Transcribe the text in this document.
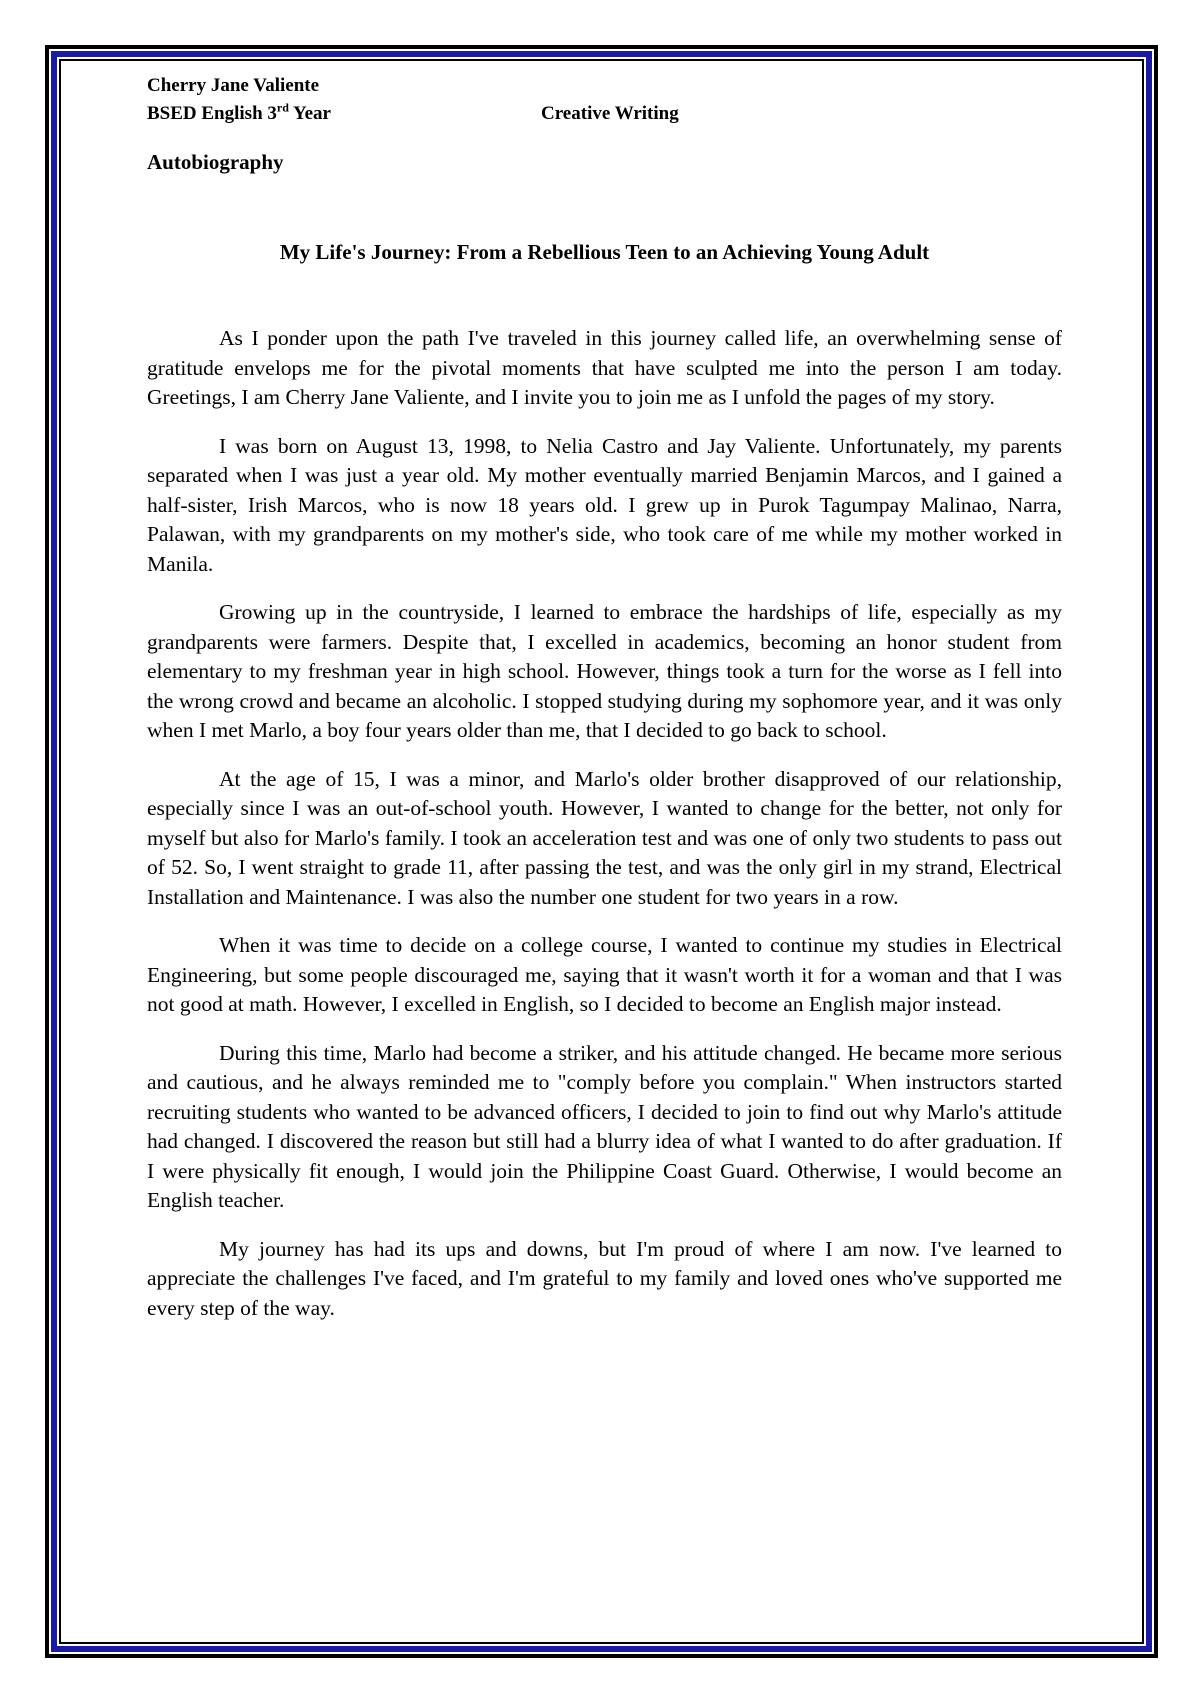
Cherry Jane Valiente
BSED English 3rd Year	Creative Writing
Autobiography
My Life's Journey: From a Rebellious Teen to an Achieving Young Adult

As I ponder upon the path I've traveled in this journey called life, an overwhelming sense of gratitude envelops me for the pivotal moments that have sculpted me into the person I am today. Greetings, I am Cherry Jane Valiente, and I invite you to join me as I unfold the pages of my story.

I was born on August 13, 1998, to Nelia Castro and Jay Valiente. Unfortunately, my parents separated when I was just a year old. My mother eventually married Benjamin Marcos, and I gained a half-sister, Irish Marcos, who is now 18 years old. I grew up in Purok Tagumpay Malinao, Narra, Palawan, with my grandparents on my mother's side, who took care of me while my mother worked in Manila.

Growing up in the countryside, I learned to embrace the hardships of life, especially as my grandparents were farmers. Despite that, I excelled in academics, becoming an honor student from elementary to my freshman year in high school. However, things took a turn for the worse as I fell into the wrong crowd and became an alcoholic. I stopped studying during my sophomore year, and it was only when I met Marlo, a boy four years older than me, that I decided to go back to school.

At the age of 15, I was a minor, and Marlo's older brother disapproved of our relationship, especially since I was an out-of-school youth. However, I wanted to change for the better, not only for myself but also for Marlo's family. I took an acceleration test and was one of only two students to pass out of 52. So, I went straight to grade 11, after passing the test, and was the only girl in my strand, Electrical Installation and Maintenance. I was also the number one student for two years in a row.

When it was time to decide on a college course, I wanted to continue my studies in Electrical Engineering, but some people discouraged me, saying that it wasn't worth it for a woman and that I was not good at math. However, I excelled in English, so I decided to become an English major instead.

During this time, Marlo had become a striker, and his attitude changed. He became more serious and cautious, and he always reminded me to "comply before you complain." When instructors started recruiting students who wanted to be advanced officers, I decided to join to find out why Marlo's attitude had changed. I discovered the reason but still had a blurry idea of what I wanted to do after graduation. If I were physically fit enough, I would join the Philippine Coast Guard. Otherwise, I would become an English teacher.

My journey has had its ups and downs, but I'm proud of where I am now. I've learned to appreciate the challenges I've faced, and I'm grateful to my family and loved ones who've supported me every step of the way.
